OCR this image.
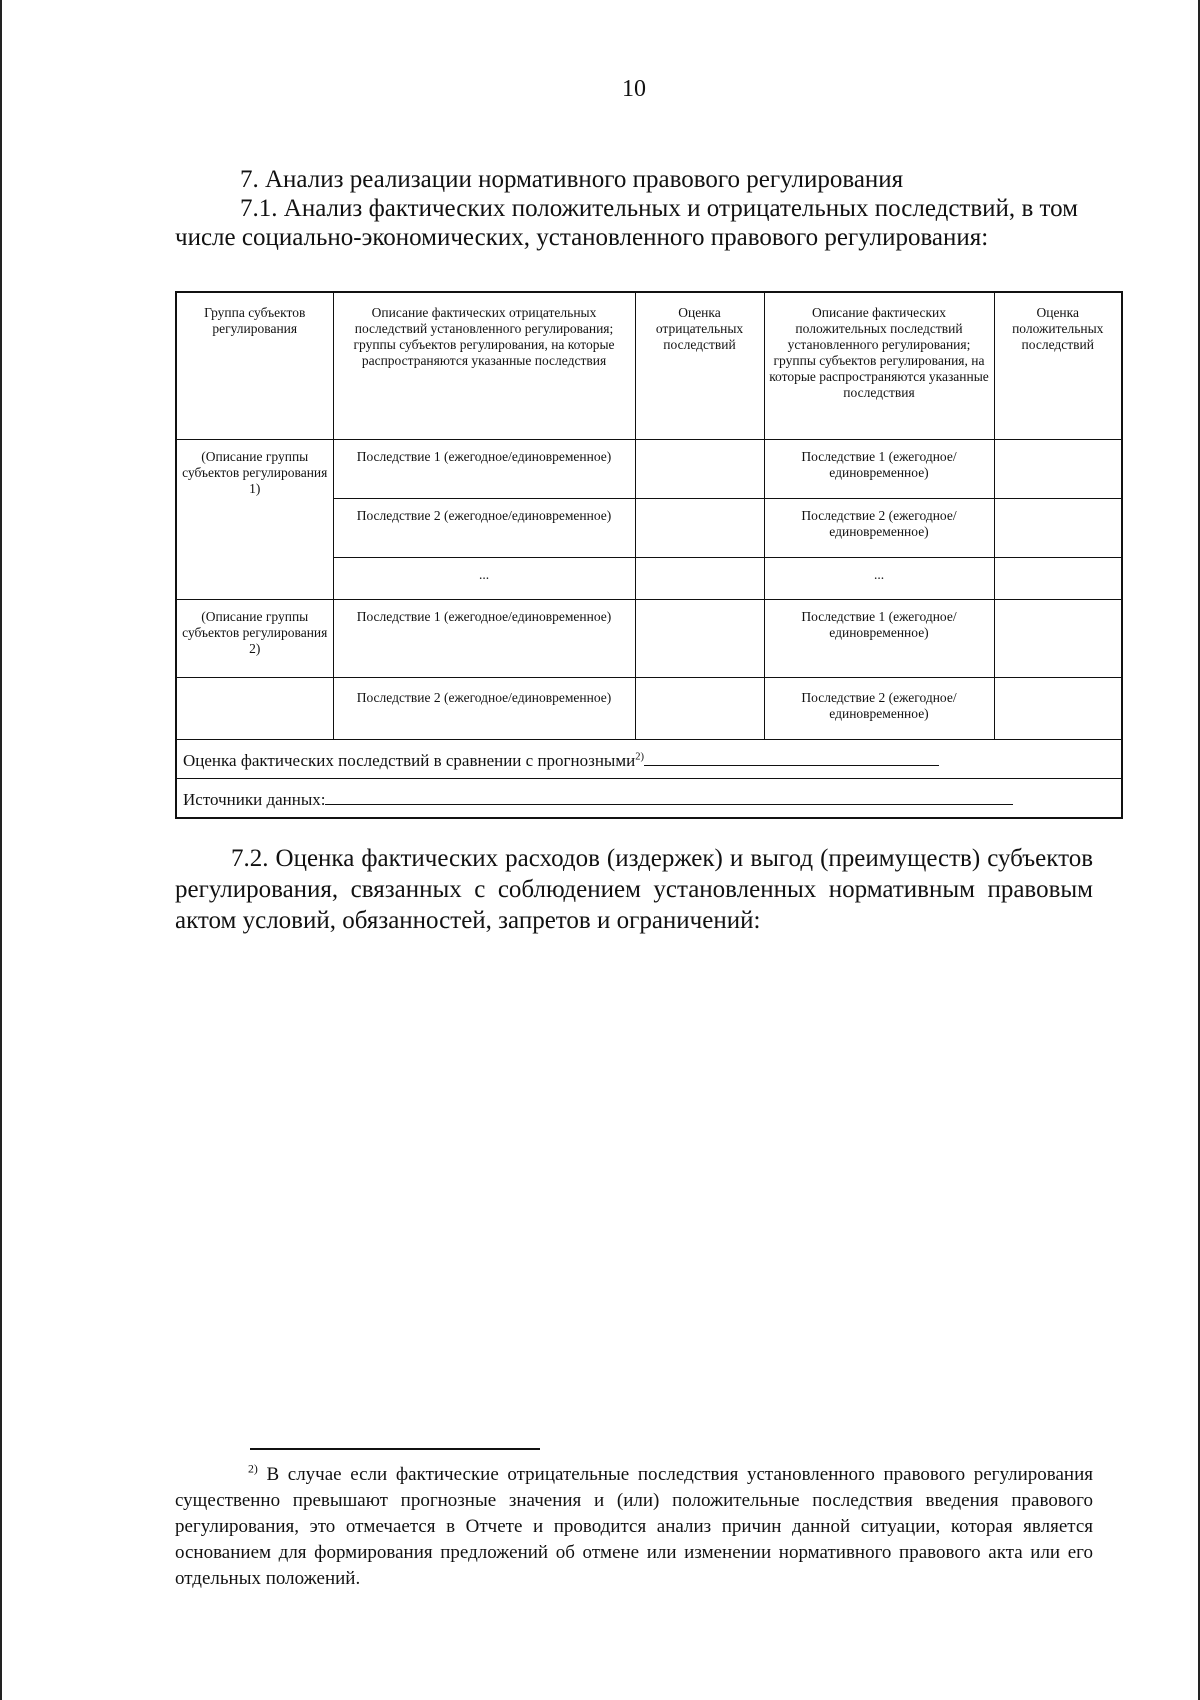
10
7. Анализ реализации нормативного правового регулирования
7.1. Анализ фактических положительных и отрицательных последствий, в том числе социально-экономических, установленного правового регулирования:
Группа субъектов регулирования	Описание фактических отрицательных последствий установленного регулирования; группы субъектов регулирования, на которые распространяются указанные последствия	Оценка отрицательных последствий	Описание фактических положительных последствий установленного регулирования; группы субъектов регулирования, на которые распространяются указанные последствия	Оценка положительных последствий
(Описание группы субъектов регулирования 1)	Последствие 1 (ежегодное/единовременное)		Последствие 1 (ежегодное/единовременное)	
	Последствие 2 (ежегодное/единовременное)		Последствие 2 (ежегодное/единовременное)	
	...		...	
(Описание группы субъектов регулирования 2)	Последствие 1 (ежегодное/единовременное)		Последствие 1 (ежегодное/единовременное)	
	Последствие 2 (ежегодное/единовременное)		Последствие 2 (ежегодное/единовременное)	
Оценка фактических последствий в сравнении с прогнозными$^{2)}$
Источники данных:				
7.2. Оценка фактических расходов (издержек) и выгод (преимуществ) субъектов регулирования, связанных с соблюдением установленных нормативным правовым актом условий, обязанностей, запретов и ограничений:
$^{2)}$ В случае если фактические отрицательные последствия установленного правового регулирования существенно превышают прогнозные значения и (или) положительные последствия введения правового регулирования, это отмечается в Отчете и проводится анализ причин данной ситуации, которая является основанием для формирования предложений об отмене или изменении нормативного правового акта или его отдельных положений.
